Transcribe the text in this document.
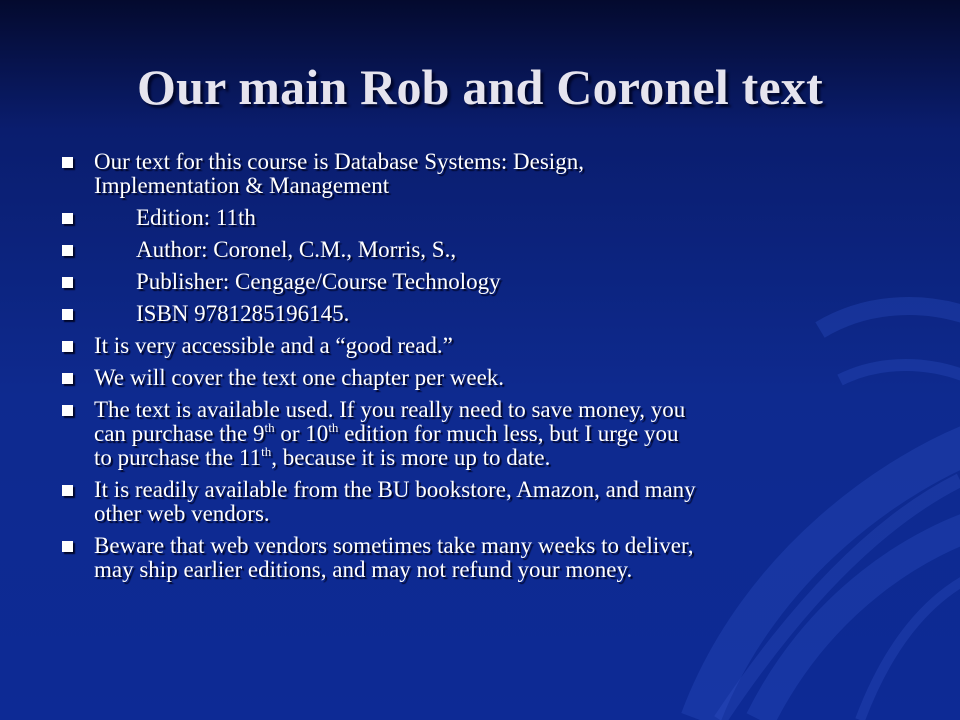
Our main Rob and Coronel text
Our text for this course is Database Systems: Design, Implementation & Management
Edition: 11th
Author: Coronel, C.M., Morris, S.,
Publisher: Cengage/Course Technology
ISBN 9781285196145.
It is very accessible and a “good read.”
We will cover the text one chapter per week.
The text is available used. If you really need to save money, you can purchase the 9th or 10th edition for much less, but I urge you to purchase the 11th, because it is more up to date.
It is readily available from the BU bookstore, Amazon, and many other web vendors.
Beware that web vendors sometimes take many weeks to deliver, may ship earlier editions, and may not refund your money.
